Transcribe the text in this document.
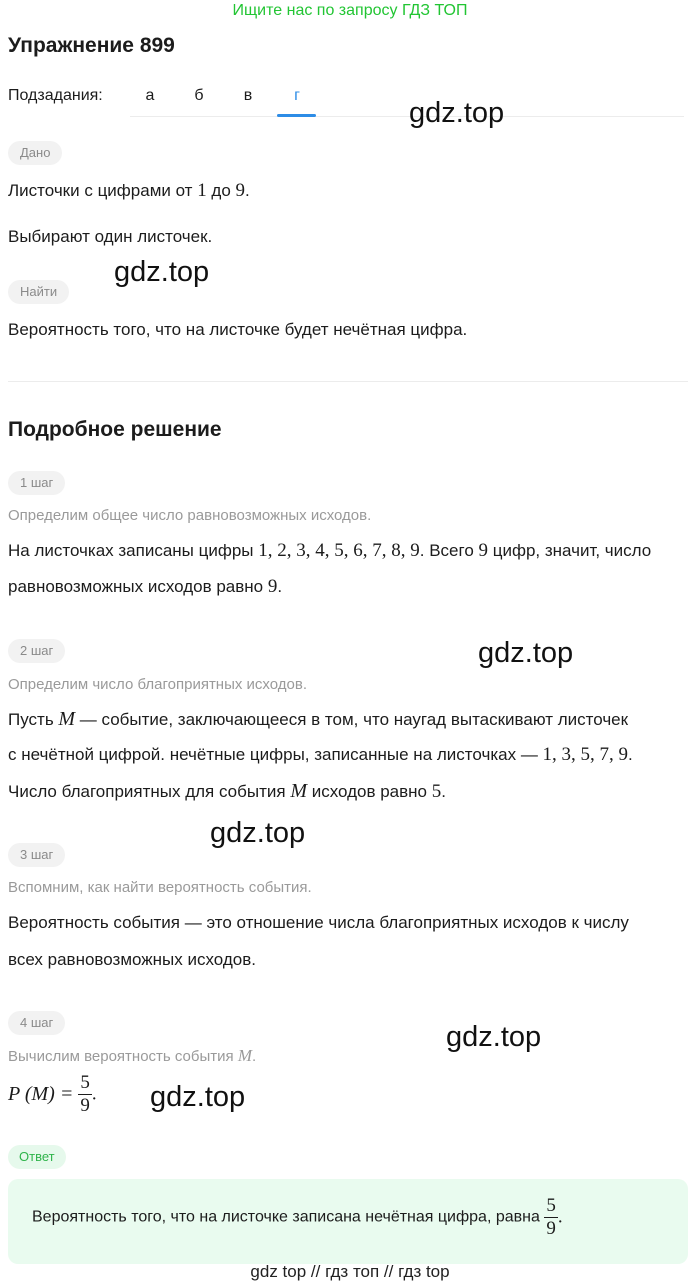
Ищите нас по запросу ГДЗ ТОП
Упражнение 899
Подзадания:	а	б	в	г
gdz.top
Дано
Листочки с цифрами от 1 до 9.
Выбирают один листочек.
Найти
gdz.top
Вероятность того, что на листочке будет нечётная цифра.
Подробное решение
1 шаг
Определим общее число равновозможных исходов.
На листочках записаны цифры 1, 2, 3, 4, 5, 6, 7, 8, 9. Всего 9 цифр, значит, число
равновозможных исходов равно 9.
2 шаг	gdz.top
Определим число благоприятных исходов.
Пусть M — событие, заключающееся в том, что наугад вытаскивают листочек
с нечётной цифрой. нечётные цифры, записанные на листочках — 1, 3, 5, 7, 9.
Число благоприятных для события M исходов равно 5.
gdz.top
3 шаг
Вспомним, как найти вероятность события.
Вероятность события — это отношение числа благоприятных исходов к числу
всех равновозможных исходов.
4 шаг	gdz.top
Вычислим вероятность события M.
P $(M) = \frac{5}{9}$ . gdz.top
Ответ
Вероятность того, что на листочке записана нечётная цифра, равна $\frac{5}{9}$ .
gdz top // гдз топ // гдз top
